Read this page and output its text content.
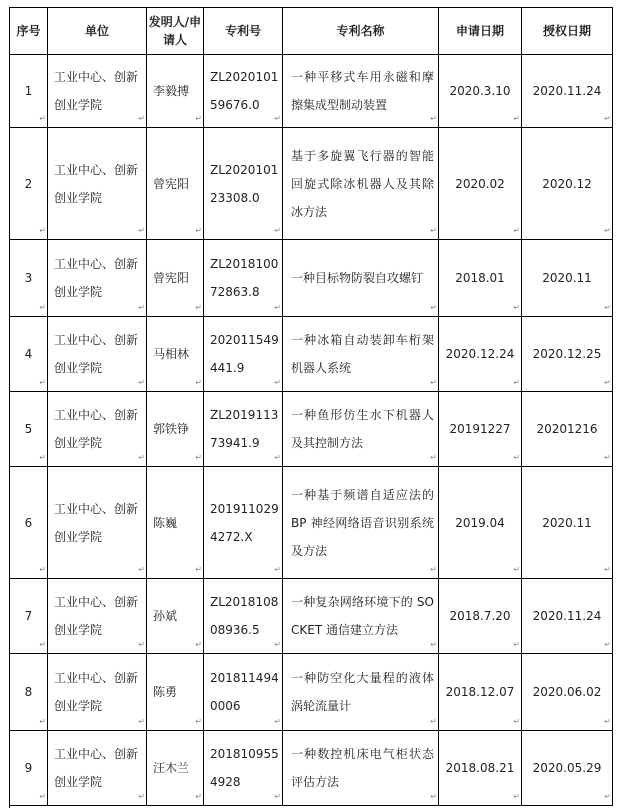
序号	单位	发明人/申请人	专利号	专利名称	申请日期	授权日期
1
↵	工业中心、创新创业学院
↵	李毅搏
↵	ZL202010159676.0
↵	一种平移式车用永磁和摩擦集成型制动装置
↵	2020.3.10
↵	2020.11.24
↵

2
↵	工业中心、创新创业学院
↵	曾宪阳
↵	ZL202010123308.0
↵	基于多旋翼飞行器的智能回旋式除冰机器人及其除冰方法
↵	2020.02
↵	2020.12
↵

3
↵	工业中心、创新创业学院
↵	曾宪阳
↵	ZL201810072863.8
↵	一种目标物防裂自攻螺钉
↵	2018.01
↵	2020.11
↵

4
↵	工业中心、创新创业学院
↵	马相林
↵	202011549441.9
↵	一种冰箱自动装卸车桁架机器人系统
↵	2020.12.24
↵	2020.12.25
↵

5
↵	工业中心、创新创业学院
↵	郭铁铮
↵	ZL201911373941.9
↵	一种鱼形仿生水下机器人及其控制方法
↵	20191227
↵	20201216
↵

6
↵	工业中心、创新创业学院
↵	陈巍
↵	2019110294272.X
↵	一种基于频谱自适应法的 BP 神经网络语音识别系统及方法
↵	2019.04
↵	2020.11
↵

7
↵	工业中心、创新创业学院
↵	孙斌
↵	ZL201810808936.5
↵	一种复杂网络环境下的 SOCKET 通信建立方法
↵	2018.7.20
↵	2020.11.24
↵

8
↵	工业中心、创新创业学院
↵	陈勇
↵	2018114940006
↵	一种防空化大量程的液体涡轮流量计
↵	2018.12.07
↵	2020.06.02
↵

9
↵	工业中心、创新创业学院
↵	汪木兰
↵	2018109554928
↵	一种数控机床电气柜状态评估方法
↵	2018.08.21
↵	2020.05.29
↵
